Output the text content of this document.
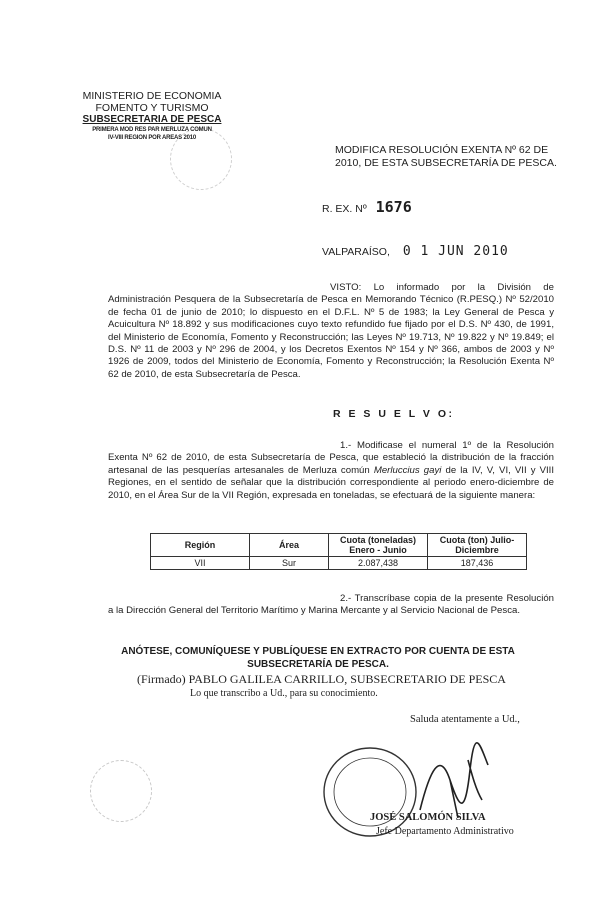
MINISTERIO DE ECONOMIA
FOMENTO Y TURISMO
SUBSECRETARIA DE PESCA
PRIMERA MOD RES PAR MERLUZA COMUN
IV-VIII REGION POR AREAS 2010
MODIFICA RESOLUCIÓN EXENTA Nº 62 DE 2010, DE ESTA SUBSECRETARÍA DE PESCA.
R. EX. Nº 1676
VALPARAÍSO, 0 1 JUN 2010
VISTO: Lo informado por la División de Administración Pesquera de la Subsecretaría de Pesca en Memorando Técnico (R.PESQ.) Nº 52/2010 de fecha 01 de junio de 2010; lo dispuesto en el D.F.L. Nº 5 de 1983; la Ley General de Pesca y Acuicultura Nº 18.892 y sus modificaciones cuyo texto refundido fue fijado por el D.S. Nº 430, de 1991, del Ministerio de Economía, Fomento y Reconstrucción; las Leyes Nº 19.713, Nº 19.822 y Nº 19.849; el D.S. Nº 11 de 2003 y Nº 296 de 2004, y los Decretos Exentos Nº 154 y Nº 366, ambos de 2003 y Nº 1926 de 2009, todos del Ministerio de Economía, Fomento y Reconstrucción; la Resolución Exenta Nº 62 de 2010, de esta Subsecretaría de Pesca.
R E S U E L V O:
1.- Modificase el numeral 1º de la Resolución Exenta Nº 62 de 2010, de esta Subsecretaría de Pesca, que estableció la distribución de la fracción artesanal de las pesquerías artesanales de Merluza común Merluccius gayi de la IV, V, VI, VII y VIII Regiones, en el sentido de señalar que la distribución correspondiente al periodo enero-diciembre de 2010, en el Área Sur de la VII Región, expresada en toneladas, se efectuará de la siguiente manera:
Región	Área	Cuota (toneladas) Enero - Junio	Cuota (ton) Julio-Diciembre
VII	Sur	2.087,438	187,436
2.- Transcríbase copia de la presente Resolución a la Dirección General del Territorio Marítimo y Marina Mercante y al Servicio Nacional de Pesca.
ANÓTESE, COMUNÍQUESE Y PUBLÍQUESE EN EXTRACTO POR CUENTA DE ESTA
SUBSECRETARÍA DE PESCA.
(Firmado) PABLO GALILEA CARRILLO, SUBSECRETARIO DE PESCA
Lo que transcribo a Ud., para su conocimiento.
Saluda atentamente a Ud.,
JOSÉ SALOMÓN SILVA
Jefe Departamento Administrativo
